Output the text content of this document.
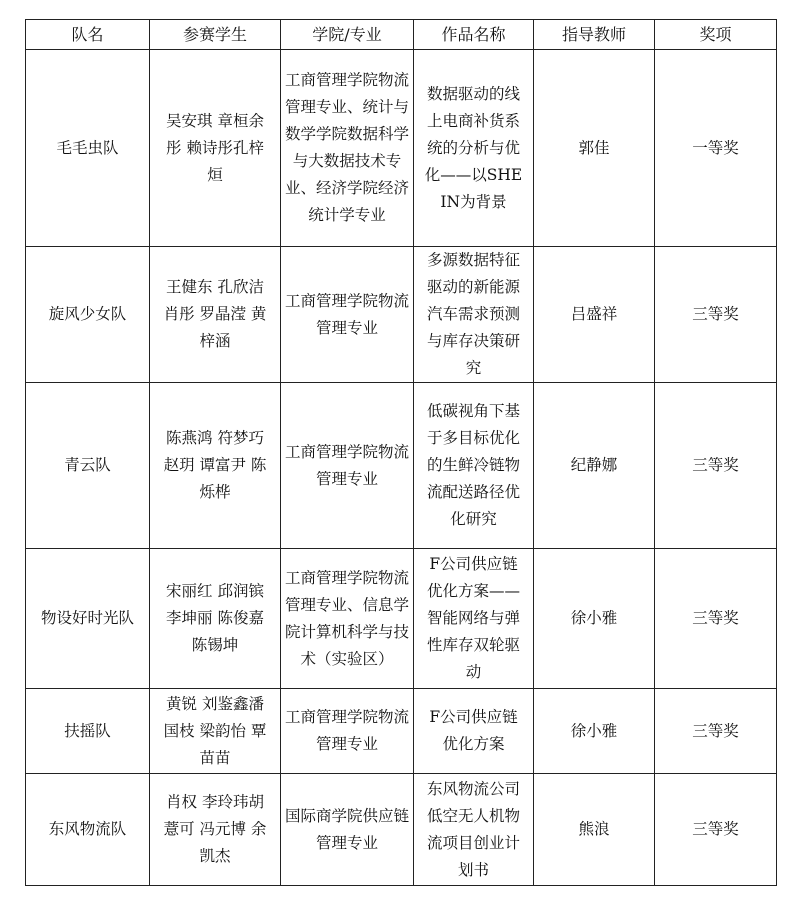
队名	参赛学生	学院/专业	作品名称	指导教师	奖项
毛毛虫队	吴安琪 章桓余彤 赖诗彤孔梓烜	工商管理学院物流管理专业、统计与数学学院数据科学与大数据技术专业、经济学院经济统计学专业	数据驱动的线上电商补货系统的分析与优化——以SHEIN为背景	郭佳	一等奖
旋风少女队	王健东 孔欣洁 肖彤 罗晶滢 黄梓涵	工商管理学院物流管理专业	多源数据特征驱动的新能源汽车需求预测与库存决策研究	吕盛祥	三等奖
青云队	陈燕鸿 符梦巧 赵玥 谭富尹 陈烁桦	工商管理学院物流管理专业	低碳视角下基于多目标优化的生鲜冷链物流配送路径优化研究	纪静娜	三等奖
物设好时光队	宋丽红 邱润镔 李坤丽 陈俊嘉 陈锡坤	工商管理学院物流管理专业、信息学院计算机科学与技术（实验区）	F公司供应链优化方案——智能网络与弹性库存双轮驱动	徐小雅	三等奖
扶摇队	黄锐 刘鉴鑫潘国枝 梁韵怡 覃苗苗	工商管理学院物流管理专业	F公司供应链优化方案	徐小雅	三等奖
东风物流队	肖权 李玲玮胡薏可 冯元博 余凯杰	国际商学院供应链管理专业	东风物流公司低空无人机物流项目创业计划书	熊浪	三等奖
